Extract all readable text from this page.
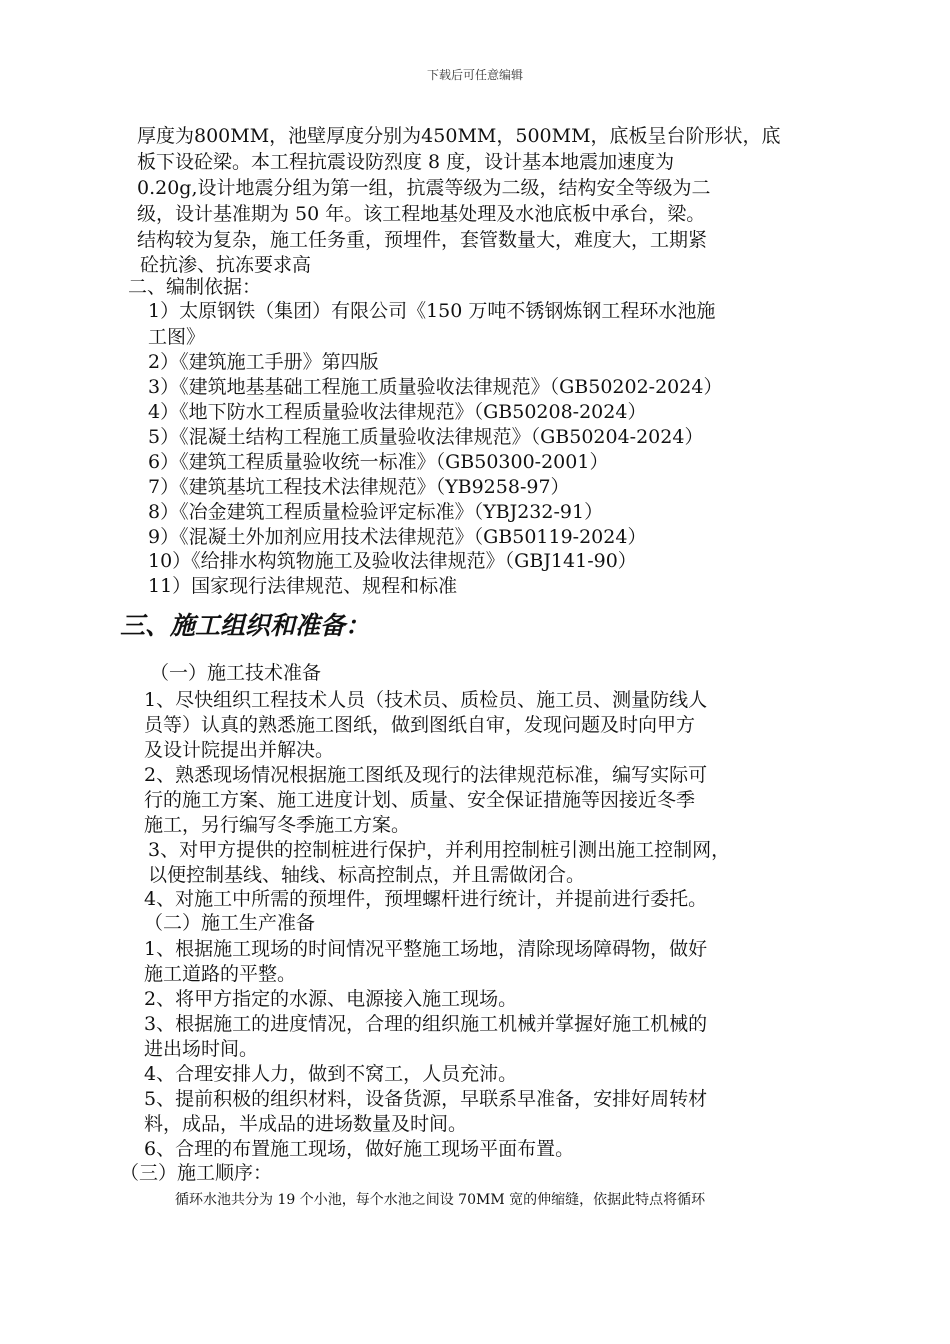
下载后可任意编辑
厚度为800MM，池壁厚度分别为450MM，500MM，底板呈台阶形状，底
板下设砼梁。本工程抗震设防烈度 8 度，设计基本地震加速度为
0.20g,设计地震分组为第一组，抗震等级为二级，结构安全等级为二
级，设计基准期为 50 年。该工程地基处理及水池底板中承台，梁。
结构较为复杂，施工任务重，预埋件，套管数量大，难度大，工期紧
砼抗渗、抗冻要求高
二、编制依据：
1）太原钢铁（集团）有限公司《150 万吨不锈钢炼钢工程环水池施
工图》
2）《建筑施工手册》第四版
3）《建筑地基基础工程施工质量验收法律规范》（GB50202-2024）
4）《地下防水工程质量验收法律规范》（GB50208-2024）
5）《混凝土结构工程施工质量验收法律规范》（GB50204-2024）
6）《建筑工程质量验收统一标准》（GB50300-2001）
7）《建筑基坑工程技术法律规范》（YB9258-97）
8）《冶金建筑工程质量检验评定标准》（YBJ232-91）
9）《混凝土外加剂应用技术法律规范》（GB50119-2024）
10）《给排水构筑物施工及验收法律规范》（GBJ141-90）
11）国家现行法律规范、规程和标准
三、施工组织和准备：
（一）施工技术准备
1、尽快组织工程技术人员（技术员、质检员、施工员、测量防线人
员等）认真的熟悉施工图纸，做到图纸自审，发现问题及时向甲方
及设计院提出并解决。
2、熟悉现场情况根据施工图纸及现行的法律规范标准，编写实际可
行的施工方案、施工进度计划、质量、安全保证措施等因接近冬季
施工，另行编写冬季施工方案。
3、对甲方提供的控制桩进行保护，并利用控制桩引测出施工控制网，
以便控制基线、轴线、标高控制点，并且需做闭合。
4、对施工中所需的预埋件，预埋螺杆进行统计，并提前进行委托。
（二）施工生产准备
1、根据施工现场的时间情况平整施工场地，清除现场障碍物，做好
施工道路的平整。
2、将甲方指定的水源、电源接入施工现场。
3、根据施工的进度情况，合理的组织施工机械并掌握好施工机械的
进出场时间。
4、合理安排人力，做到不窝工，人员充沛。
5、提前积极的组织材料，设备货源，早联系早准备，安排好周转材
料，成品，半成品的进场数量及时间。
6、合理的布置施工现场，做好施工现场平面布置。
（三）施工顺序：
循环水池共分为 19 个小池，每个水池之间设 70MM 宽的伸缩缝，依据此特点将循环
